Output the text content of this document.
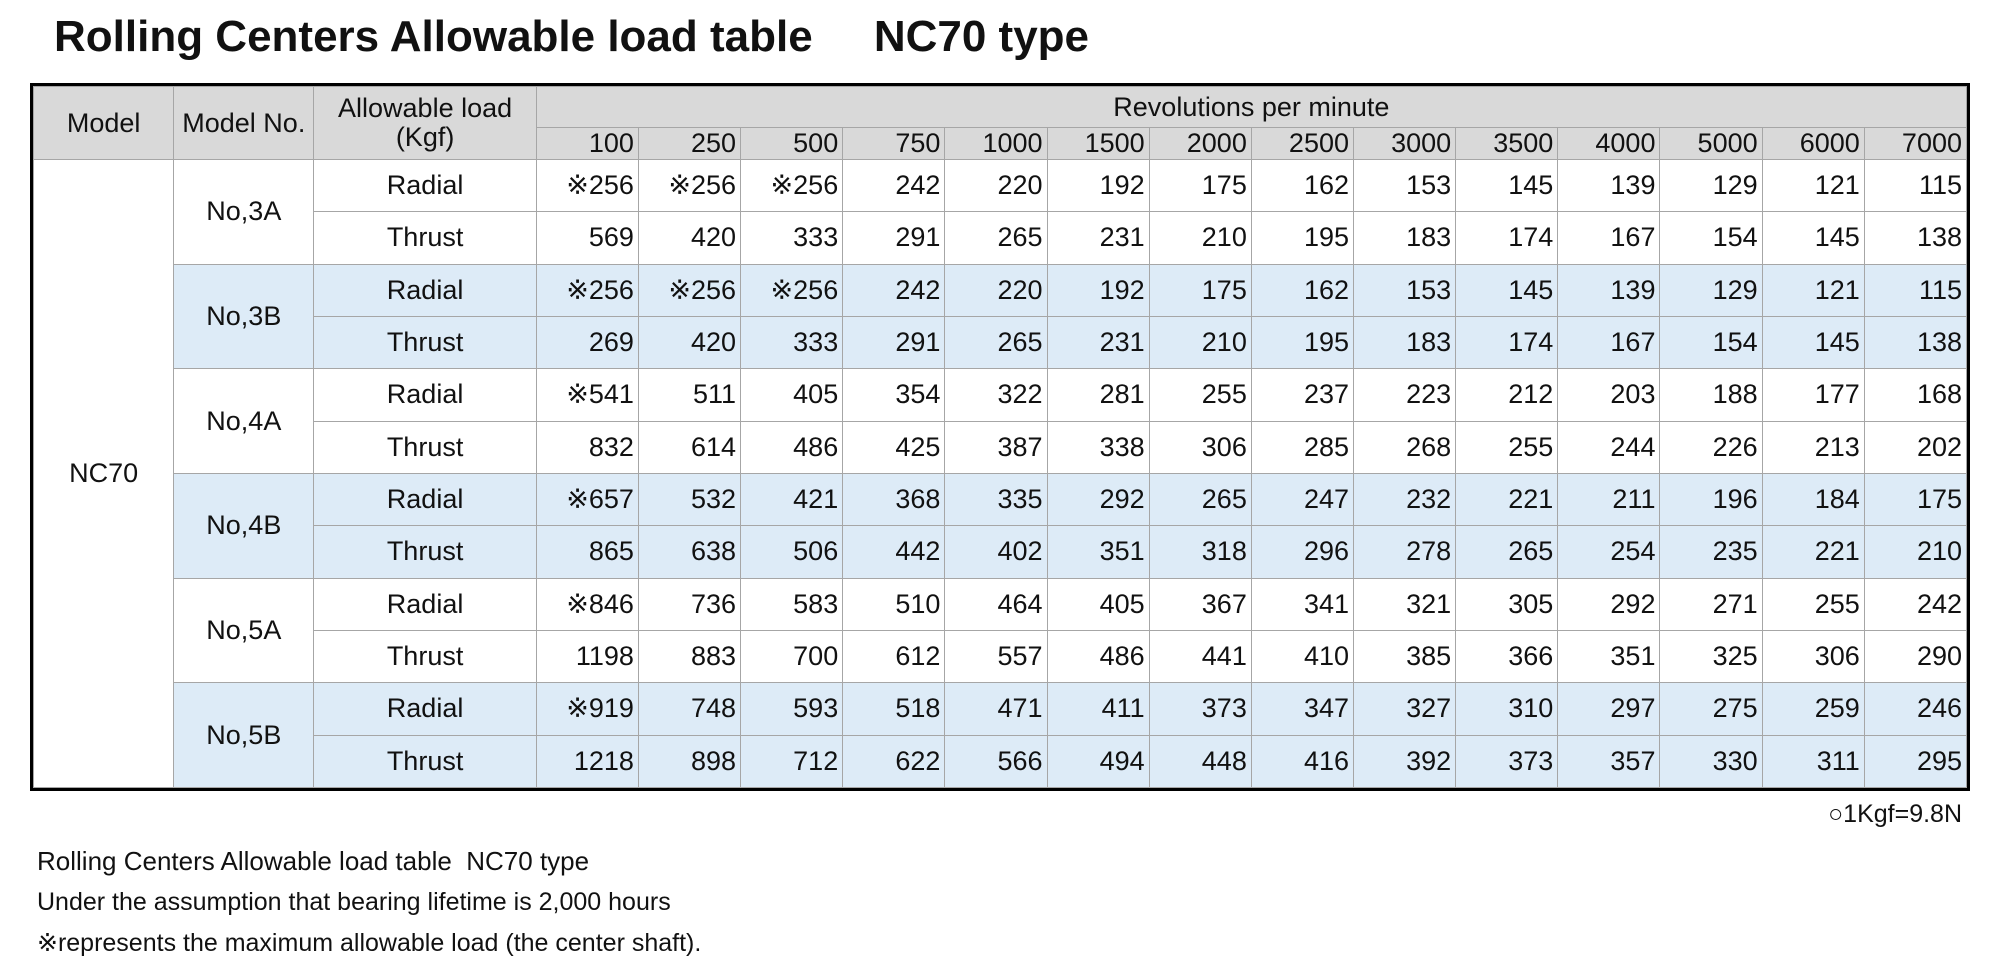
Rolling Centers Allowable load table     NC70 type
Model	Model No.	Allowable load
(Kgf)	Revolutions per minute													
			100	250	500	750	1000	1500	2000	2500	3000	3500	4000	5000	6000	7000
NC70	No,3A	Radial	※256	※256	※256	242	220	192	175	162	153	145	139	129	121	115
		Thrust	569	420	333	291	265	231	210	195	183	174	167	154	145	138
	No,3B	Radial	※256	※256	※256	242	220	192	175	162	153	145	139	129	121	115
		Thrust	269	420	333	291	265	231	210	195	183	174	167	154	145	138
	No,4A	Radial	※541	511	405	354	322	281	255	237	223	212	203	188	177	168
		Thrust	832	614	486	425	387	338	306	285	268	255	244	226	213	202
	No,4B	Radial	※657	532	421	368	335	292	265	247	232	221	211	196	184	175
		Thrust	865	638	506	442	402	351	318	296	278	265	254	235	221	210
	No,5A	Radial	※846	736	583	510	464	405	367	341	321	305	292	271	255	242
		Thrust	1198	883	700	612	557	486	441	410	385	366	351	325	306	290
	No,5B	Radial	※919	748	593	518	471	411	373	347	327	310	297	275	259	246
		Thrust	1218	898	712	622	566	494	448	416	392	373	357	330	311	295
○1Kgf=9.8N
Rolling Centers Allowable load table  NC70 type
Under the assumption that bearing lifetime is 2,000 hours
※represents the maximum allowable load (the center shaft).
